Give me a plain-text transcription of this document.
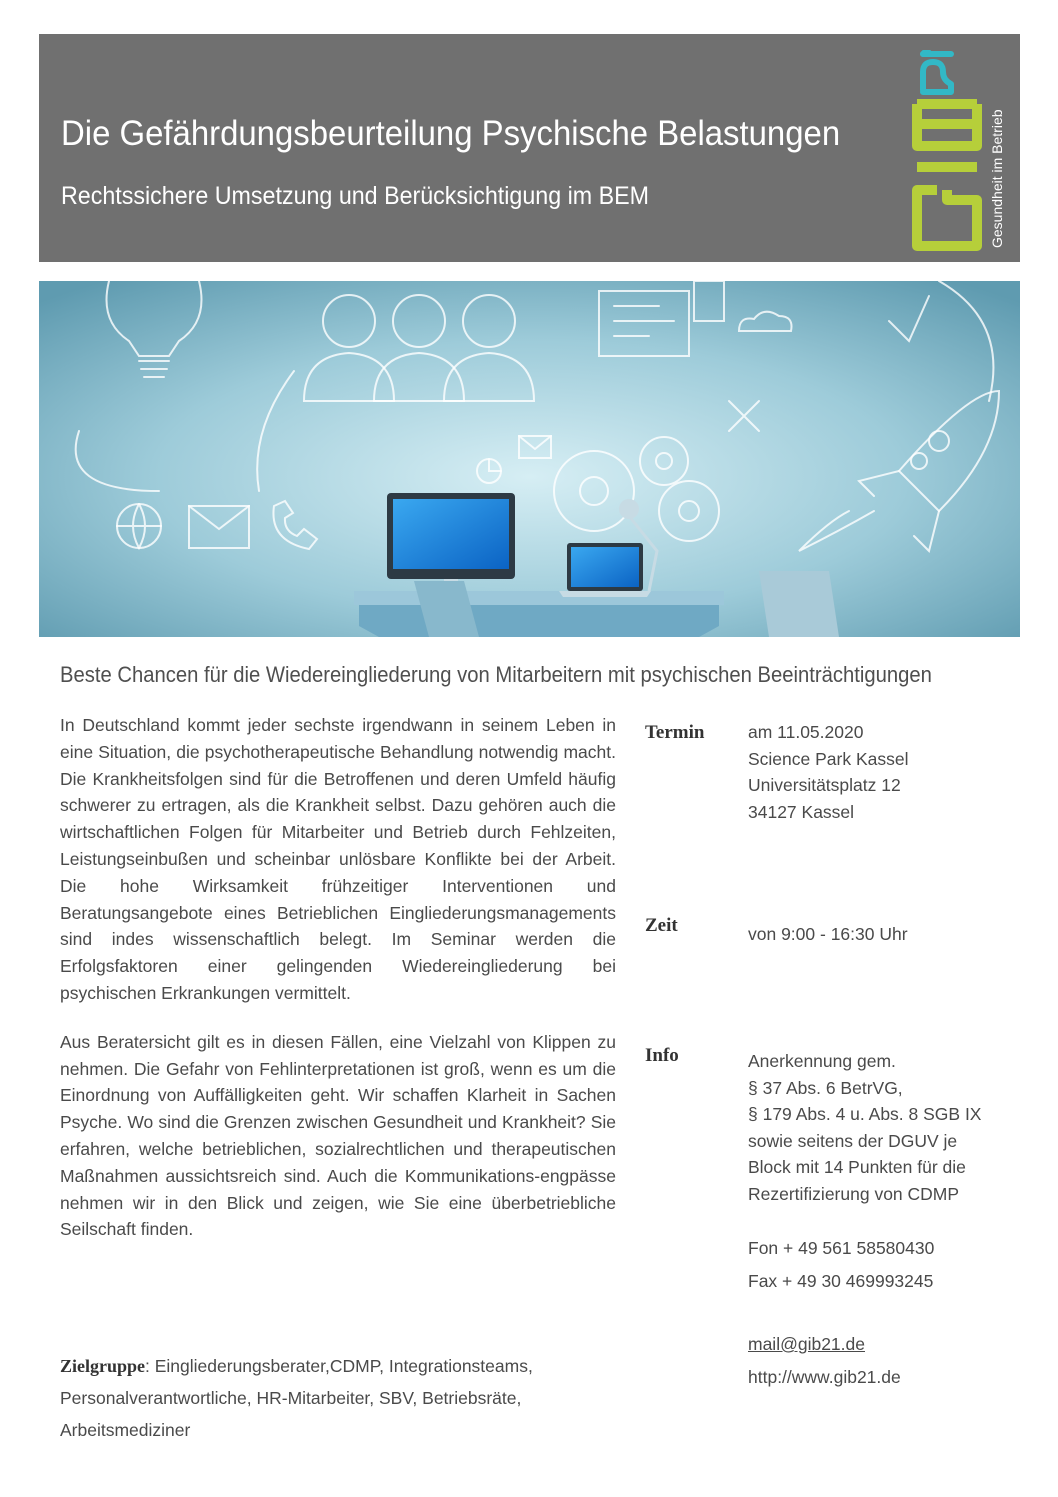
Die Gefährdungsbeurteilung Psychische Belastungen
Rechtssichere Umsetzung und Berücksichtigung im BEM	Gesundheit im Betrieb
Beste Chancen für die Wiedereingliederung von Mitarbeitern mit psychischen Beeinträchtigungen

In Deutschland kommt jeder sechste irgendwann in seinem Leben in eine Situation, die psychotherapeutische Behandlung notwendig macht. Die Krankheitsfolgen sind für die Betroffenen und deren Umfeld häufig schwerer zu ertragen, als die Krankheit selbst. Dazu gehören auch die wirtschaftlichen Folgen für Mitarbeiter und Betrieb durch Fehlzeiten, Leistungseinbußen und scheinbar unlösbare Konflikte bei der Arbeit. Die hohe Wirksamkeit frühzeitiger Interventionen und Beratungsangebote eines Betrieblichen Eingliederungsmanagements sind indes wissenschaftlich belegt. Im Seminar werden die Erfolgsfaktoren einer gelingenden Wiedereingliederung bei psychischen Erkrankungen vermittelt.

Aus Beratersicht gilt es in diesen Fällen, eine Vielzahl von Klippen zu nehmen. Die Gefahr von Fehlinterpretationen ist groß, wenn es um die Einordnung von Auffälligkeiten geht. Wir schaffen Klarheit in Sachen Psyche. Wo sind die Grenzen zwischen Gesundheit und Krankheit? Sie erfahren, welche betrieblichen, sozialrechtlichen und therapeutischen Maßnahmen aussichtsreich sind. Auch die Kommunikations-engpässe nehmen wir in den Blick und zeigen, wie Sie eine überbetriebliche Seilschaft finden.

Zielgruppe: Eingliederungsberater,CDMP, Integrationsteams, Personalverantwortliche, HR-Mitarbeiter, SBV, Betriebsräte, Arbeitsmediziner
Termin am 11.05.2020
Science Park Kassel
Universitätsplatz 12
34127 Kassel
Zeit	von 9:00 - 16:30 Uhr
Info	Anerkennung gem.
§ 37 Abs. 6 BetrVG,
§ 179 Abs. 4 u. Abs. 8 SGB IX
sowie seitens der DGUV je
Block mit 14 Punkten für die
Rezertifizierung von CDMP
Fon + 49 561 58580430
Fax + 49 30 469993245
mail@gib21.de
http://www.gib21.de
